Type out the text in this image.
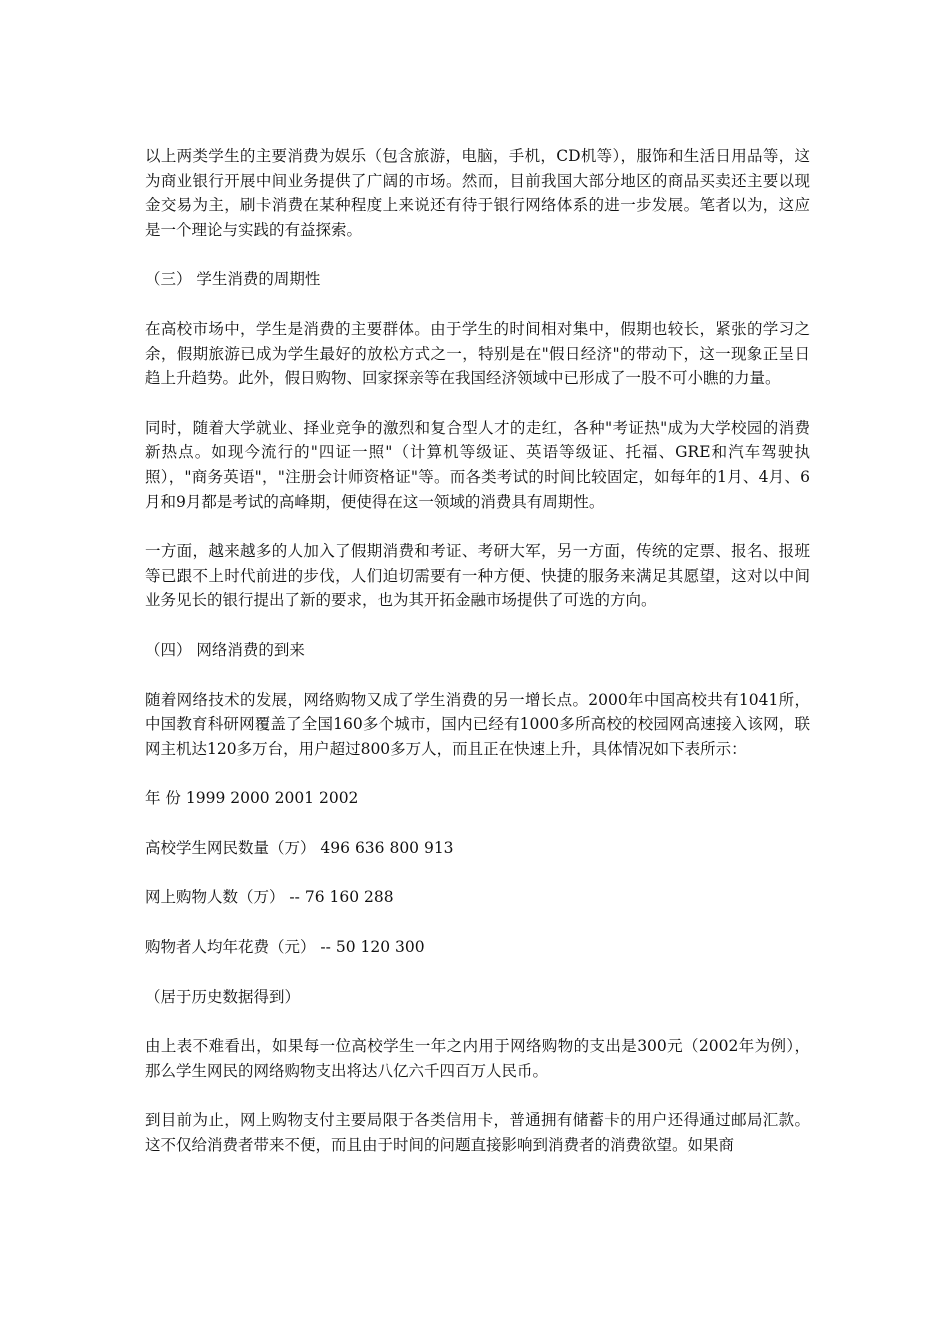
以上两类学生的主要消费为娱乐（包含旅游，电脑，手机，CD机等），服饰和生活日用品等，这为商业银行开展中间业务提供了广阔的市场。然而，目前我国大部分地区的商品买卖还主要以现金交易为主，刷卡消费在某种程度上来说还有待于银行网络体系的进一步发展。笔者以为，这应是一个理论与实践的有益探索。

（三） 学生消费的周期性

在高校市场中，学生是消费的主要群体。由于学生的时间相对集中，假期也较长，紧张的学习之余，假期旅游已成为学生最好的放松方式之一，特别是在"假日经济"的带动下，这一现象正呈日趋上升趋势。此外，假日购物、回家探亲等在我国经济领域中已形成了一股不可小瞧的力量。

同时，随着大学就业、择业竞争的激烈和复合型人才的走红，各种"考证热"成为大学校园的消费新热点。如现今流行的"四证一照"（计算机等级证、英语等级证、托福、GRE和汽车驾驶执照），"商务英语"，"注册会计师资格证"等。而各类考试的时间比较固定，如每年的1月、4月、6月和9月都是考试的高峰期，便使得在这一领域的消费具有周期性。

一方面，越来越多的人加入了假期消费和考证、考研大军，另一方面，传统的定票、报名、报班等已跟不上时代前进的步伐，人们迫切需要有一种方便、快捷的服务来满足其愿望，这对以中间业务见长的银行提出了新的要求，也为其开拓金融市场提供了可选的方向。

（四） 网络消费的到来

随着网络技术的发展，网络购物又成了学生消费的另一增长点。2000年中国高校共有1041所，中国教育科研网覆盖了全国160多个城市，国内已经有1000多所高校的校园网高速接入该网，联网主机达120多万台，用户超过800多万人，而且正在快速上升，具体情况如下表所示：

年 份 1999 2000 2001 2002

高校学生网民数量（万） 496 636 800 913

网上购物人数（万） -- 76 160 288

购物者人均年花费（元） -- 50 120 300

（居于历史数据得到）

由上表不难看出，如果每一位高校学生一年之内用于网络购物的支出是300元（2002年为例），那么学生网民的网络购物支出将达八亿六千四百万人民币。

到目前为止，网上购物支付主要局限于各类信用卡，普通拥有储蓄卡的用户还得通过邮局汇款。这不仅给消费者带来不便，而且由于时间的问题直接影响到消费者的消费欲望。如果商
